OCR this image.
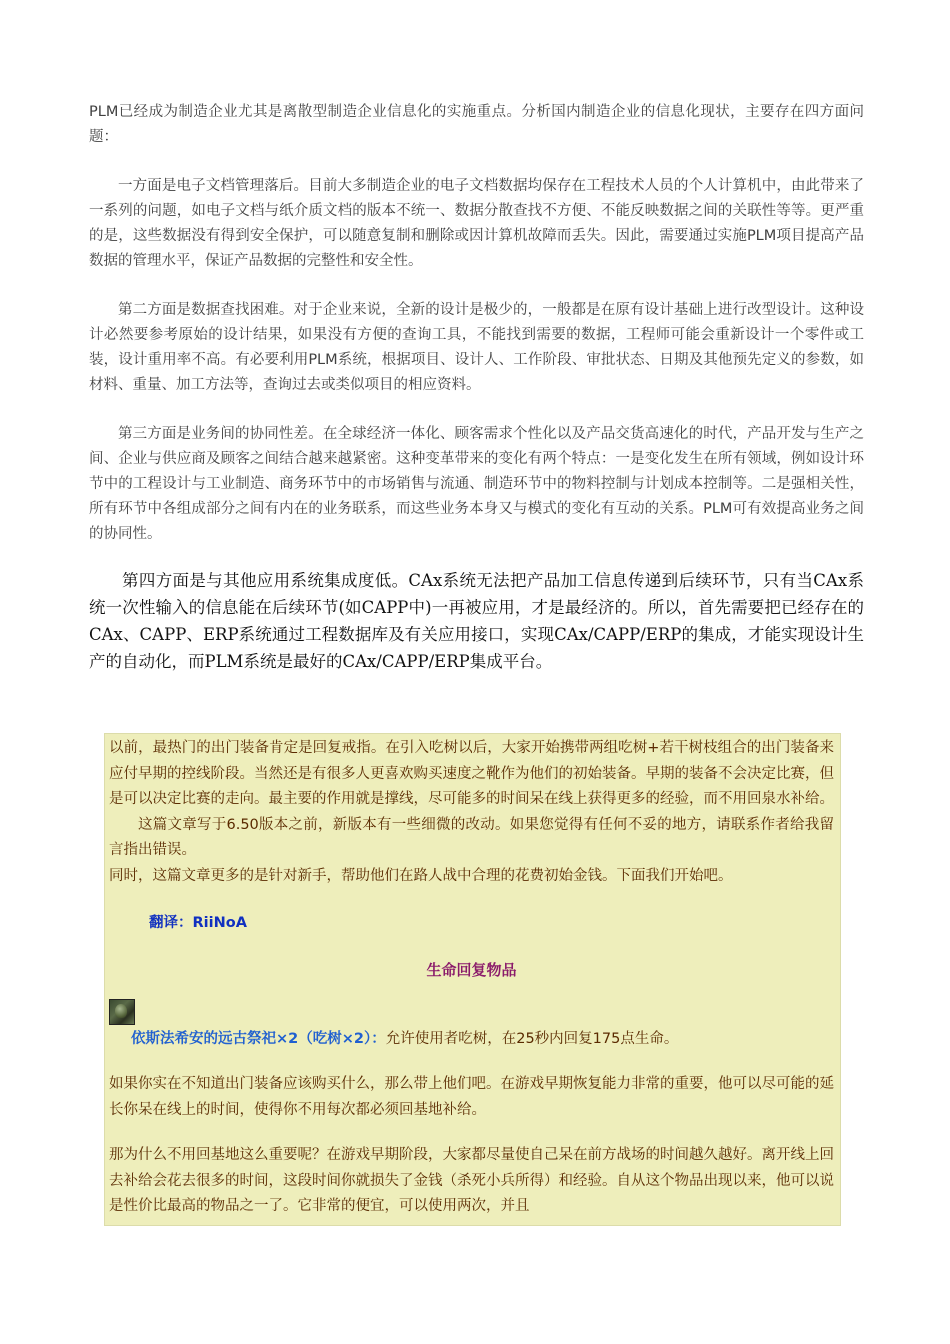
PLM已经成为制造企业尤其是离散型制造企业信息化的实施重点。分析国内制造企业的信息化现状，主要存在四方面问题：

一方面是电子文档管理落后。目前大多制造企业的电子文档数据均保存在工程技术人员的个人计算机中，由此带来了一系列的问题，如电子文档与纸介质文档的版本不统一、数据分散查找不方便、不能反映数据之间的关联性等等。更严重的是，这些数据没有得到安全保护，可以随意复制和删除或因计算机故障而丢失。因此，需要通过实施PLM项目提高产品数据的管理水平，保证产品数据的完整性和安全性。

第二方面是数据查找困难。对于企业来说，全新的设计是极少的，一般都是在原有设计基础上进行改型设计。这种设计必然要参考原始的设计结果，如果没有方便的查询工具，不能找到需要的数据，工程师可能会重新设计一个零件或工装，设计重用率不高。有必要利用PLM系统，根据项目、设计人、工作阶段、审批状态、日期及其他预先定义的参数，如材料、重量、加工方法等，查询过去或类似项目的相应资料。

第三方面是业务间的协同性差。在全球经济一体化、顾客需求个性化以及产品交货高速化的时代，产品开发与生产之间、企业与供应商及顾客之间结合越来越紧密。这种变革带来的变化有两个特点：一是变化发生在所有领域，例如设计环节中的工程设计与工业制造、商务环节中的市场销售与流通、制造环节中的物料控制与计划成本控制等。二是强相关性，所有环节中各组成部分之间有内在的业务联系，而这些业务本身又与模式的变化有互动的关系。PLM可有效提高业务之间的协同性。

第四方面是与其他应用系统集成度低。CAx系统无法把产品加工信息传递到后续环节，只有当CAx系统一次性输入的信息能在后续环节(如CAPP中)一再被应用，才是最经济的。所以，首先需要把已经存在的CAx、CAPP、ERP系统通过工程数据库及有关应用接口，实现CAx/CAPP/ERP的集成，才能实现设计生产的自动化，而PLM系统是最好的CAx/CAPP/ERP集成平台。

以前，最热门的出门装备肯定是回复戒指。在引入吃树以后，大家开始携带两组吃树+若干树枝组合的出门装备来应付早期的控线阶段。当然还是有很多人更喜欢购买速度之靴作为他们的初始装备。早期的装备不会决定比赛，但是可以决定比赛的走向。最主要的作用就是撑线，尽可能多的时间呆在线上获得更多的经验，而不用回泉水补给。

这篇文章写于6.50版本之前，新版本有一些细微的改动。如果您觉得有任何不妥的地方，请联系作者给我留言指出错误。

同时，这篇文章更多的是针对新手，帮助他们在路人战中合理的花费初始金钱。下面我们开始吧。

翻译：RiiNoA
生命回复物品
依斯法希安的远古祭祀×2（吃树×2）：允许使用者吃树，在25秒内回复175点生命。

如果你实在不知道出门装备应该购买什么，那么带上他们吧。在游戏早期恢复能力非常的重要，他可以尽可能的延长你呆在线上的时间，使得你不用每次都必须回基地补给。

那为什么不用回基地这么重要呢？在游戏早期阶段，大家都尽量使自己呆在前方战场的时间越久越好。离开线上回去补给会花去很多的时间，这段时间你就损失了金钱（杀死小兵所得）和经验。自从这个物品出现以来，他可以说是性价比最高的物品之一了。它非常的便宜，可以使用两次，并且
